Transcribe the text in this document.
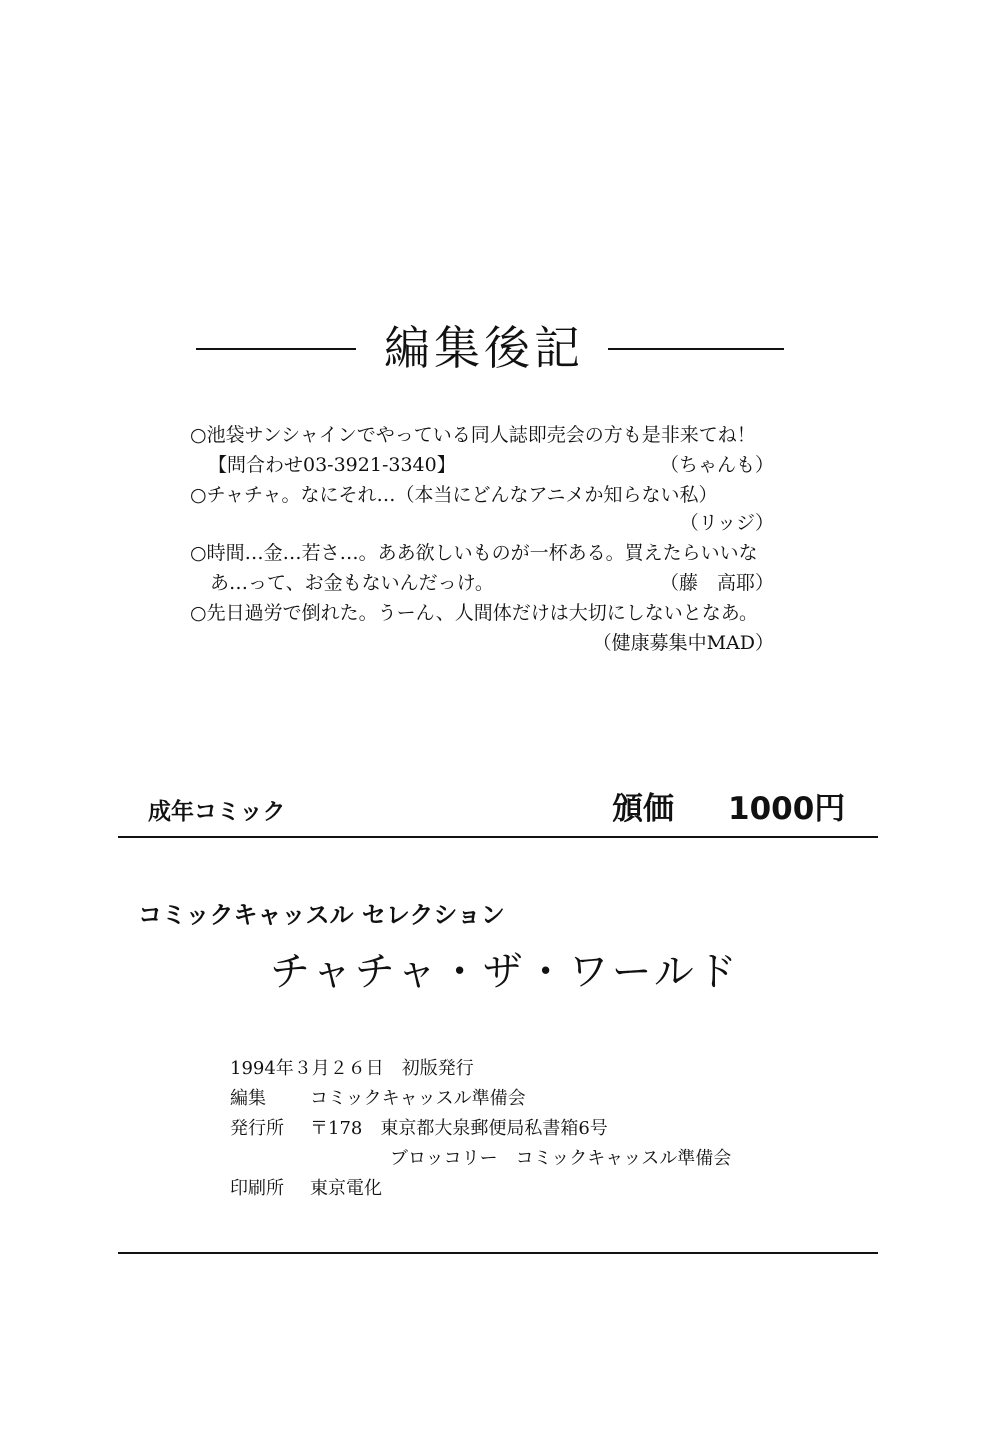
編集後記
○池袋サンシャインでやっている同人誌即売会の方も是非来てね！
【問合わせ03-3921-3340】	（ちゃんも）
○チャチャ。なにそれ…（本当にどんなアニメか知らない私）
（リッジ）
○時間…金…若さ…。ああ欲しいものが一杯ある。買えたらいいな
あ…って、お金もないんだっけ。	（藤　高耶）
○先日過労で倒れた。うーん、人間体だけは大切にしないとなあ。
（健康募集中MAD）
成年コミック	頒価 1000円
コミックキャッスル セレクション
チャチャ・ザ・ワールド
1994年３月２６日　初版発行
編集 コミックキャッスル準備会
発行所 〒178　東京都大泉郵便局私書箱6号
ブロッコリー　コミックキャッスル準備会
印刷所 東京電化
